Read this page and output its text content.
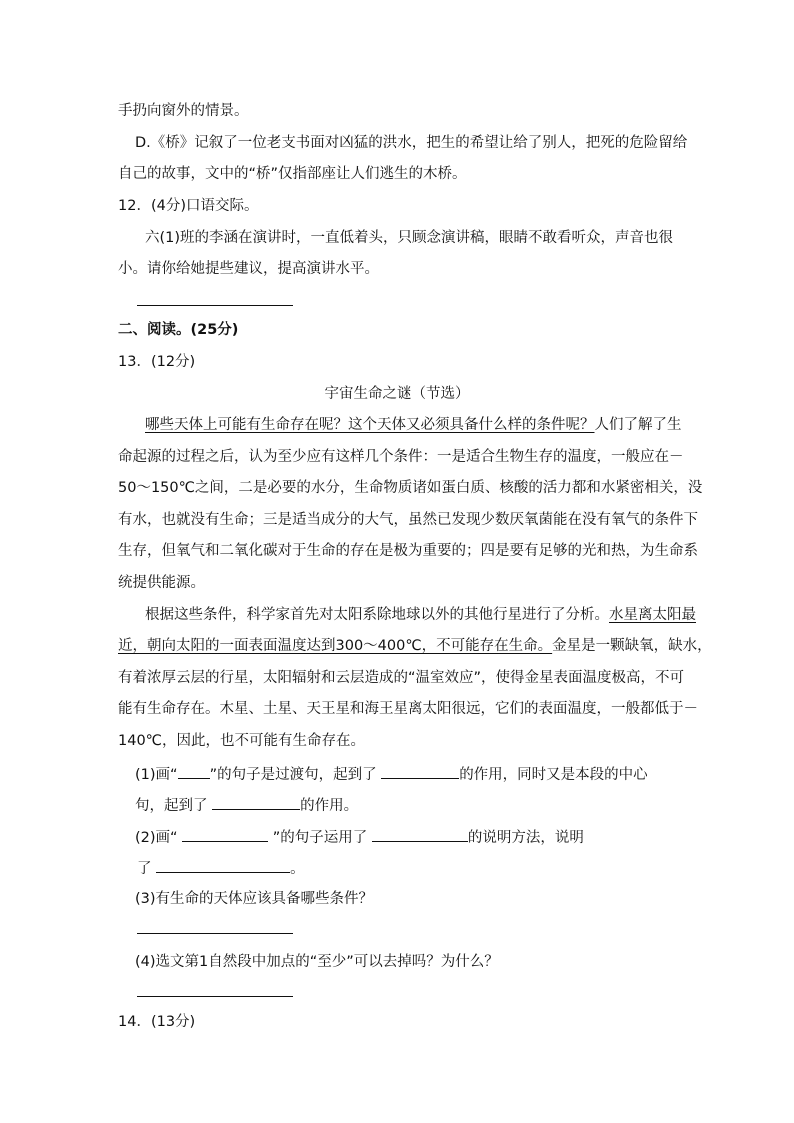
手扔向窗外的情景。
D.《桥》记叙了一位老支书面对凶猛的洪水，把生的希望让给了别人，把死的危险留给
自己的故事，文中的“桥”仅指部座让人们逃生的木桥。
12．(4分)口语交际。
六(1)班的李涵在演讲时，一直低着头，只顾念演讲稿，眼睛不敢看听众，声音也很
小。请你给她提些建议，提高演讲水平。
二、阅读。(25分)
13．(12分)
宇宙生命之谜（节选）
哪些天体上可能有生命存在呢？这个天体又必须具备什么样的条件呢？人们了解了生
命起源的过程之后，认为至少应有这样几个条件：一是适合生物生存的温度，一般应在－
50～150℃之间，二是必要的水分，生命物质诸如蛋白质、核酸的活力都和水紧密相关，没
有水，也就没有生命；三是适当成分的大气，虽然已发现少数厌氧菌能在没有氧气的条件下
生存，但氧气和二氧化碳对于生命的存在是极为重要的；四是要有足够的光和热，为生命系
统提供能源。
根据这些条件，科学家首先对太阳系除地球以外的其他行星进行了分析。水星离太阳最
近，朝向太阳的一面表面温度达到300～400℃，不可能存在生命。金星是一颗缺氧，缺水，
有着浓厚云层的行星，太阳辐射和云层造成的“温室效应”，使得金星表面温度极高，不可
能有生命存在。木星、土星、天王星和海王星离太阳很远，它们的表面温度，一般都低于－
140℃，因此，也不可能有生命存在。
(1)画“ ”的句子是过渡句，起到了	的作用，同时又是本段的中心
句，起到了	的作用。
(2)画“	”的句子运用了	的说明方法，说明
了	。
(3)有生命的天体应该具备哪些条件？
(4)选文第1自然段中加点的“至少”可以去掉吗？为什么？
14．(13分)
